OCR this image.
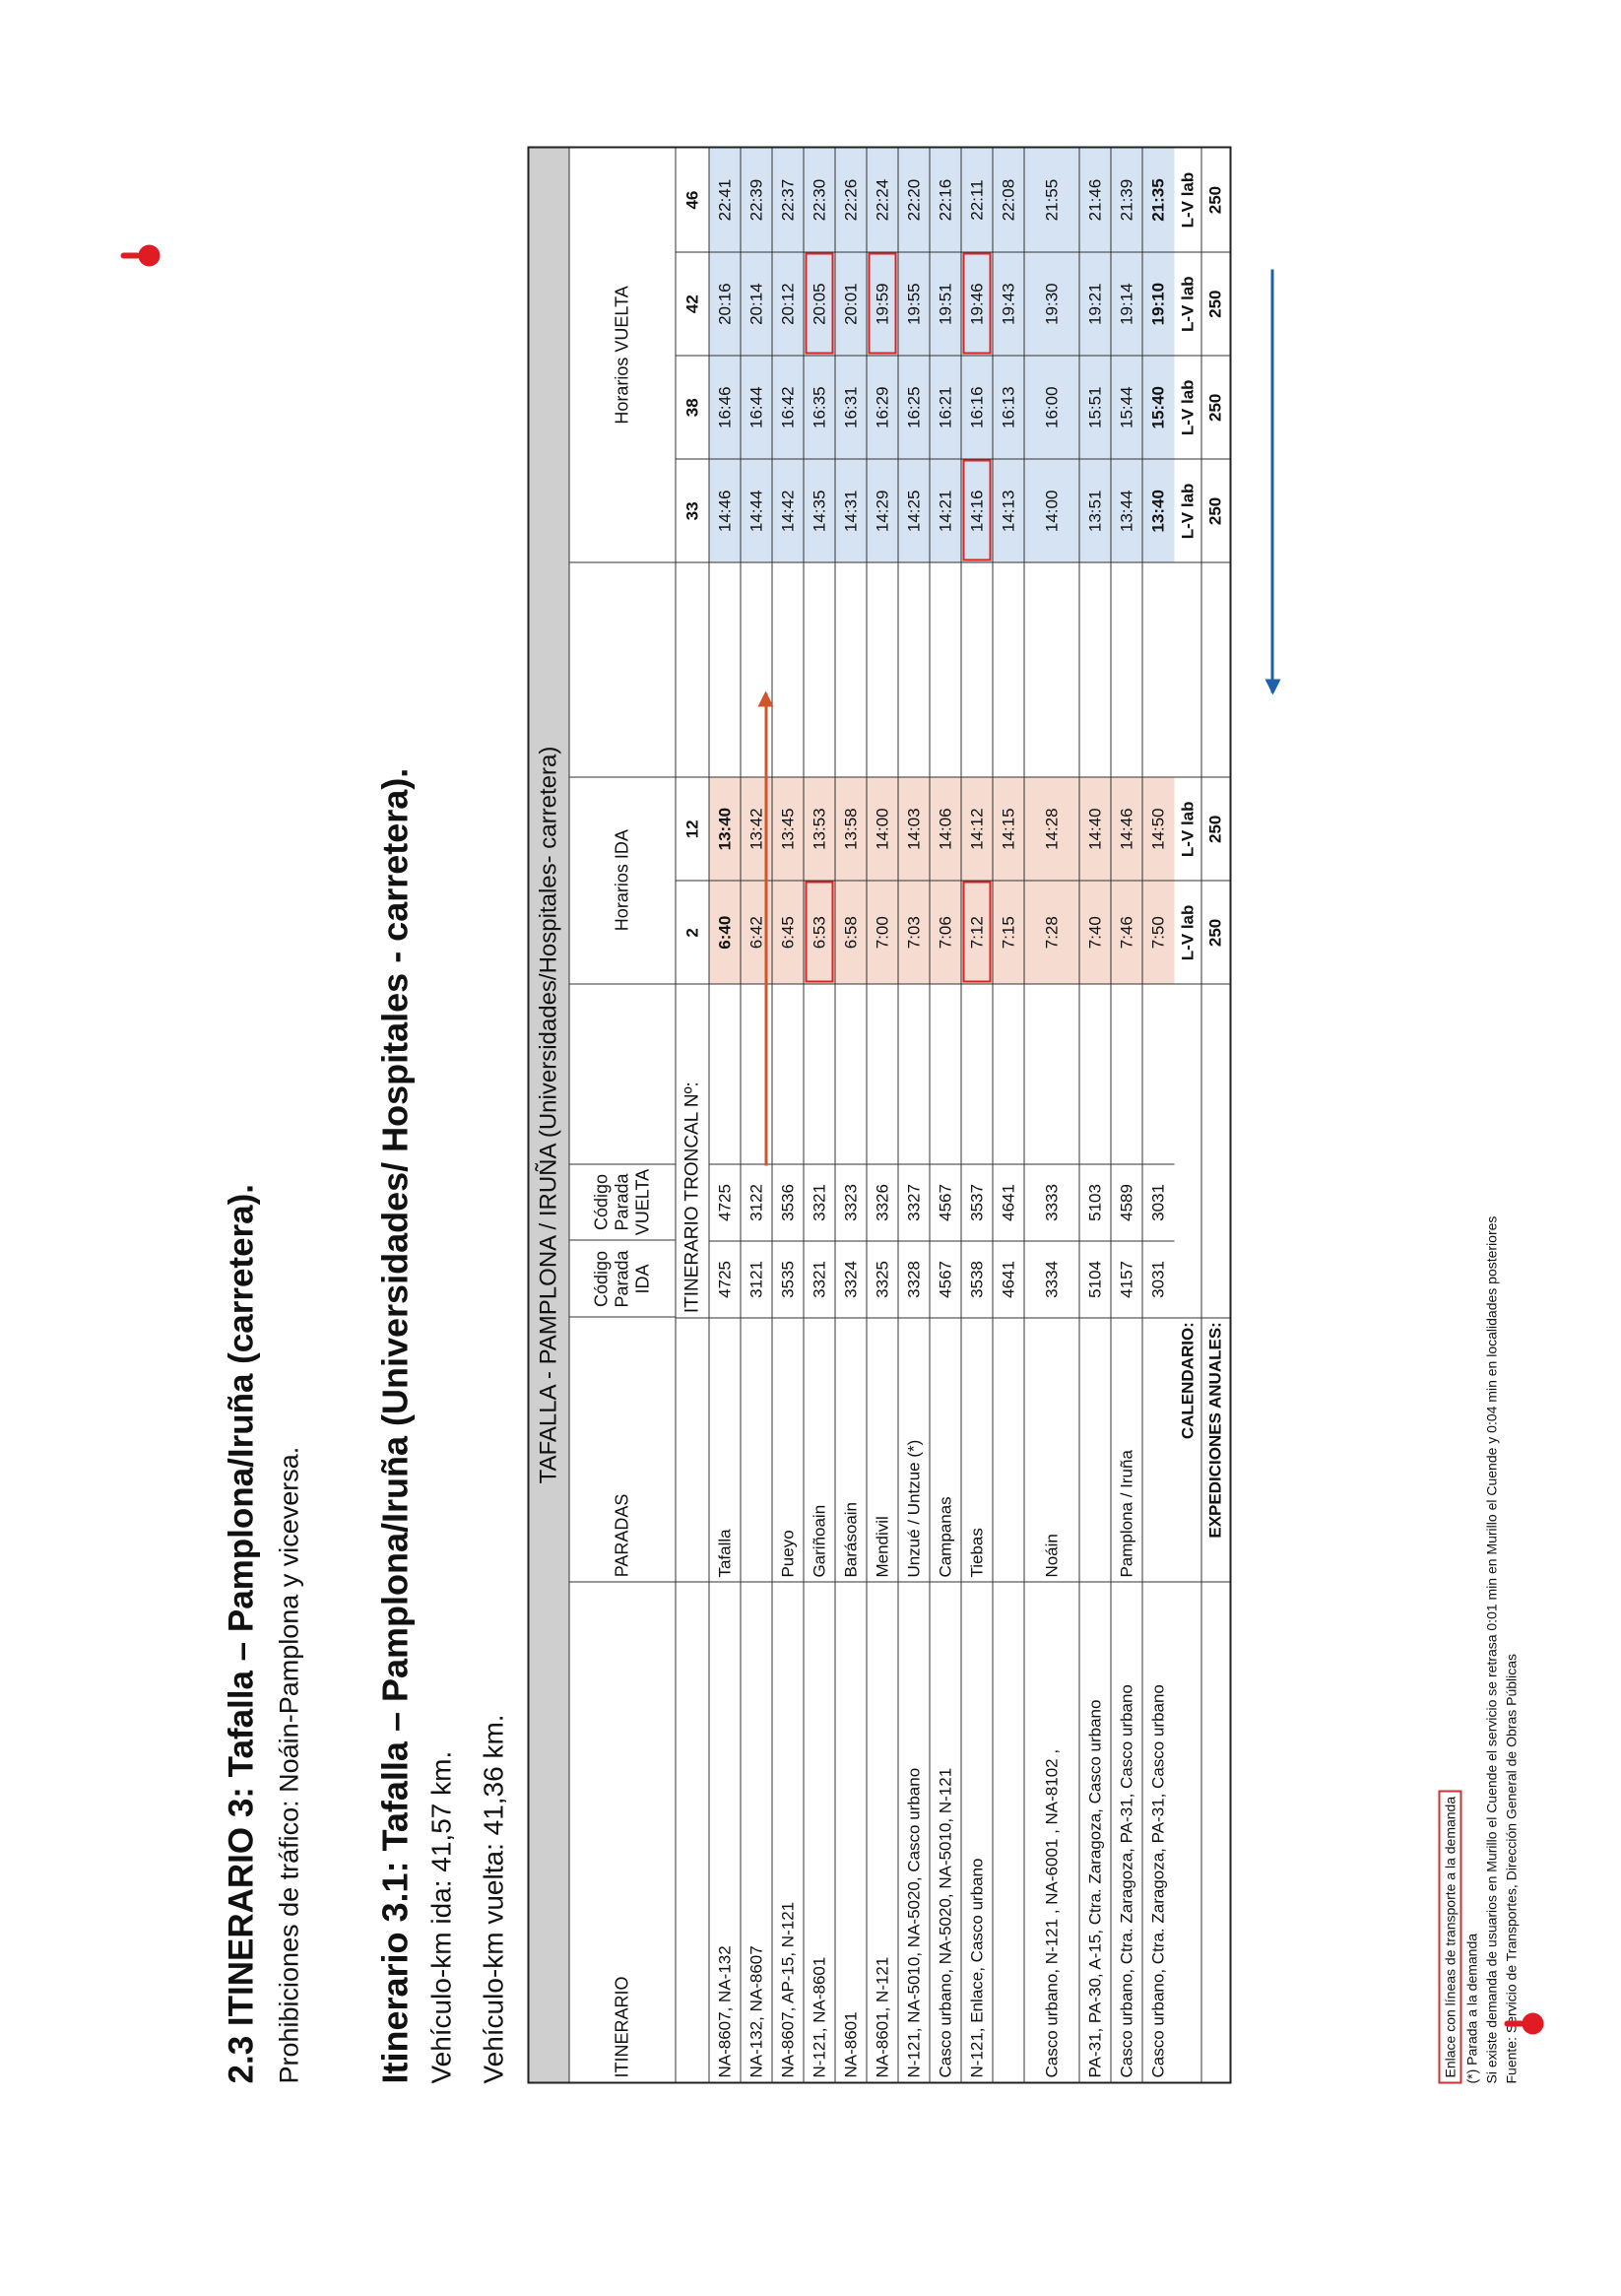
2.3 ITINERARIO 3: Tafalla – Pamplona/Iruña (carretera). Prohibiciones de tráfico: Noáin-Pamplona y viceversa. Itinerario 3.1: Tafalla – Pamplona/Iruña (Universidades/ Hospitales - carretera). Vehículo-km ida: 41,57 km. Vehículo-km vuelta: 41,36 km.
TAFALLA - PAMPLONA / IRUÑA (Universidades/Hospitales- carretera)
ITINERARIO
PARADAS
Código Parada IDA
Código Parada VUELTA
Horarios IDA
Horarios VUELTA
ITINERARIO TRONCAL Nº:
2
12
33
38
42
46
NA-8607, NA-132
Tafalla
4725
4725
6:40
13:40
14:46
16:46
20:16
22:41
NA-132, NA-8607
3121
3122
6:42
13:42
14:44
16:44
20:14
22:39
NA-8607, AP-15, N-121
Pueyo
3535
3536
6:45
13:45
14:42
16:42
20:12
22:37
N-121, NA-8601
Gariñoain
3321
3321
6:53
13:53
14:35
16:35
20:05
22:30
NA-8601
Barásoain
3324
3323
6:58
13:58
14:31
16:31
20:01
22:26
NA-8601, N-121
Mendivil
3325
3326
7:00
14:00
14:29
16:29
19:59
22:24
N-121, NA-5010, NA-5020, Casco urbano
Unzué / Untzue (*)
3328
3327
7:03
14:03
14:25
16:25
19:55
22:20
Casco urbano, NA-5020, NA-5010, N-121
Campanas
4567
4567
7:06
14:06
14:21
16:21
19:51
22:16
N-121, Enlace, Casco urbano
Tiebas
3538
3537
7:12
14:12
14:16
16:16
19:46
22:11
4641
4641
7:15
14:15
14:13
16:13
19:43
22:08
Casco urbano, N-121 , NA-6001 , NA-8102 ,
Noáin
3334
3333
7:28
14:28
14:00
16:00
19:30
21:55
PA-31, PA-30, A-15, Ctra. Zaragoza, Casco urbano
5104
5103
7:40
14:40
13:51
15:51
19:21
21:46
Casco urbano, Ctra. Zaragoza, PA-31, Casco urbano
Pamplona / Iruña
4157
4589
7:46
14:46
13:44
15:44
19:14
21:39
Casco urbano, Ctra. Zaragoza, PA-31, Casco urbano
3031
3031
7:50
14:50
13:40
15:40
19:10
21:35
CALENDARIO:
L-V lab
L-V lab
L-V lab
L-V lab
L-V lab
L-V lab
EXPEDICIONES ANUALES:
250
250
250
250
250
250
Enlace con líneas de transporte a la demanda (*) Parada a la demanda Si existe demanda de usuarios en Murillo el Cuende el servicio se retrasa 0:01 min en Murillo el Cuende y 0:04 min en localidades posteriores Fuente: Servicio de Transportes, Dirección General de Obras Públicas
